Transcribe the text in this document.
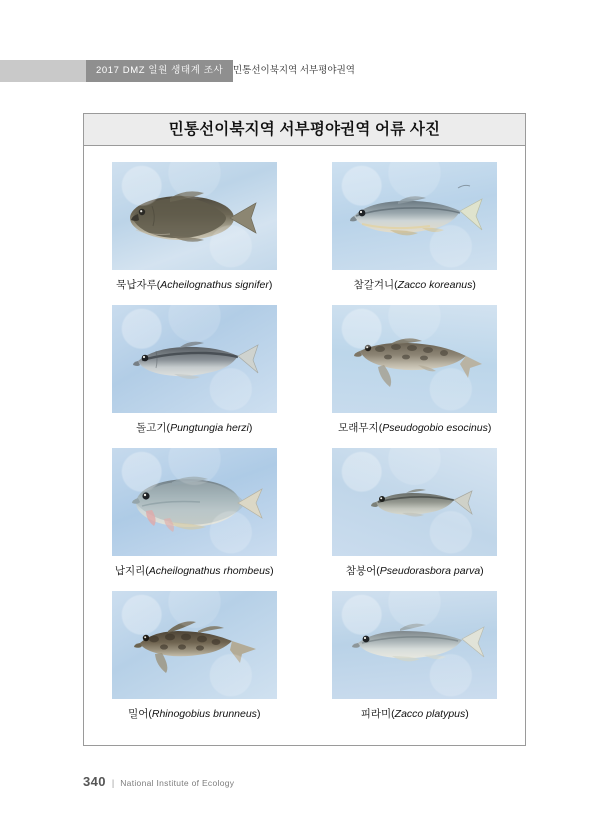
2017 DMZ 일원 생태계 조사	민통선이북지역 서부평야권역
민통선이북지역 서부평야권역 어류 사진
묵납자루(Acheilognathus signifer)	참갈겨니(Zacco koreanus)
돌고기(Pungtungia herzi)	모래무지(Pseudogobio esocinus)
납지리(Acheilognathus rhombeus)	참붕어(Pseudorasbora parva)
밀어(Rhinogobius brunneus)	피라미(Zacco platypus)
340 | National Institute of Ecology
